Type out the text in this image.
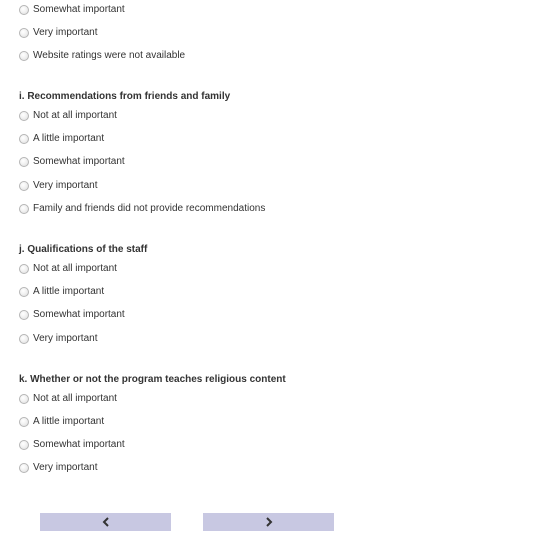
Somewhat important
Very important
Website ratings were not available
i. Recommendations from friends and family
Not at all important
A little important
Somewhat important
Very important
Family and friends did not provide recommendations
j. Qualifications of the staff
Not at all important
A little important
Somewhat important
Very important
k. Whether or not the program teaches religious content
Not at all important
A little important
Somewhat important
Very important
